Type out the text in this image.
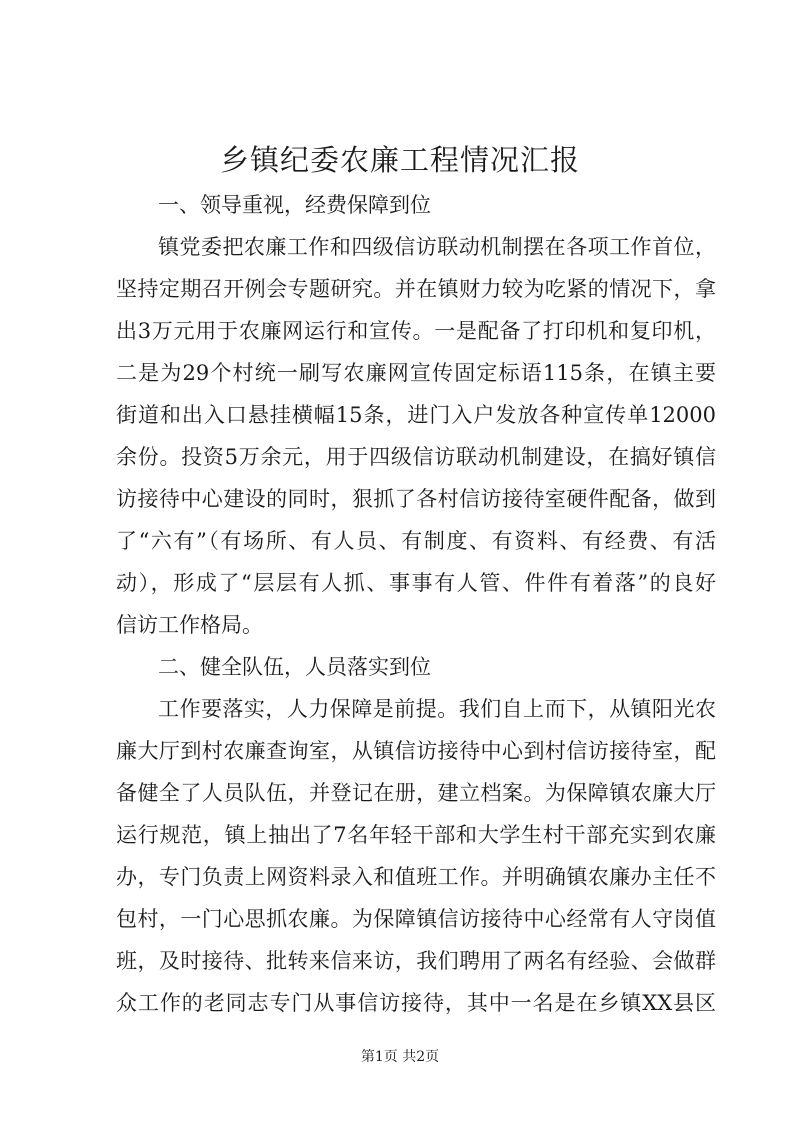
乡镇纪委农廉工程情况汇报
一、领导重视，经费保障到位
镇党委把农廉工作和四级信访联动机制摆在各项工作首位，
坚持定期召开例会专题研究。并在镇财力较为吃紧的情况下，拿
出3万元用于农廉网运行和宣传。一是配备了打印机和复印机，
二是为29个村统一刷写农廉网宣传固定标语115条，在镇主要
街道和出入口悬挂横幅15条，进门入户发放各种宣传单12000
余份。投资5万余元，用于四级信访联动机制建设，在搞好镇信
访接待中心建设的同时，狠抓了各村信访接待室硬件配备，做到
了“六有”（有场所、有人员、有制度、有资料、有经费、有活
动），形成了“层层有人抓、事事有人管、件件有着落”的良好
信访工作格局。
二、健全队伍，人员落实到位
工作要落实，人力保障是前提。我们自上而下，从镇阳光农
廉大厅到村农廉查询室，从镇信访接待中心到村信访接待室，配
备健全了人员队伍，并登记在册，建立档案。为保障镇农廉大厅
运行规范，镇上抽出了7名年轻干部和大学生村干部充实到农廉
办，专门负责上网资料录入和值班工作。并明确镇农廉办主任不
包村，一门心思抓农廉。为保障镇信访接待中心经常有人守岗值
班，及时接待、批转来信来访，我们聘用了两名有经验、会做群
众工作的老同志专门从事信访接待，其中一名是在乡镇XX县区
第1页 共2页
